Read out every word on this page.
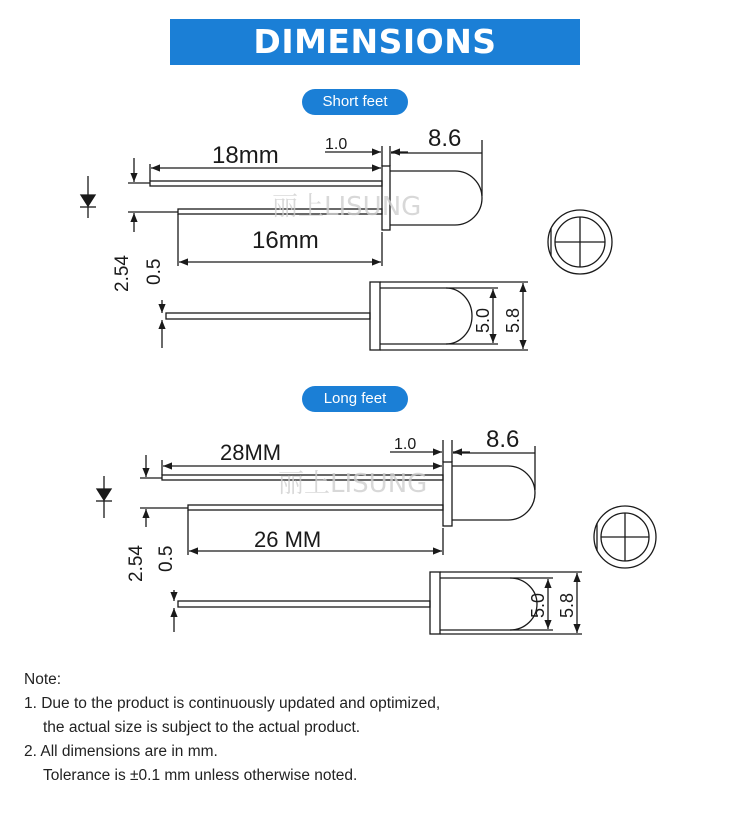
DIMENSIONS
Short feet
Long feet
18mm
16mm
1.0	8.6
2.54 0.5
5.0 5.8
丽上LISUNG
28MM
26 MM
1.0	8.6
2.54 0.5
5.0 5.8
丽上LISUNG
Note:
1. Due to the product is continuously updated and optimized,
the actual size is subject to the actual product.
2. All dimensions are in mm.
Tolerance is ±0.1 mm unless otherwise noted.
